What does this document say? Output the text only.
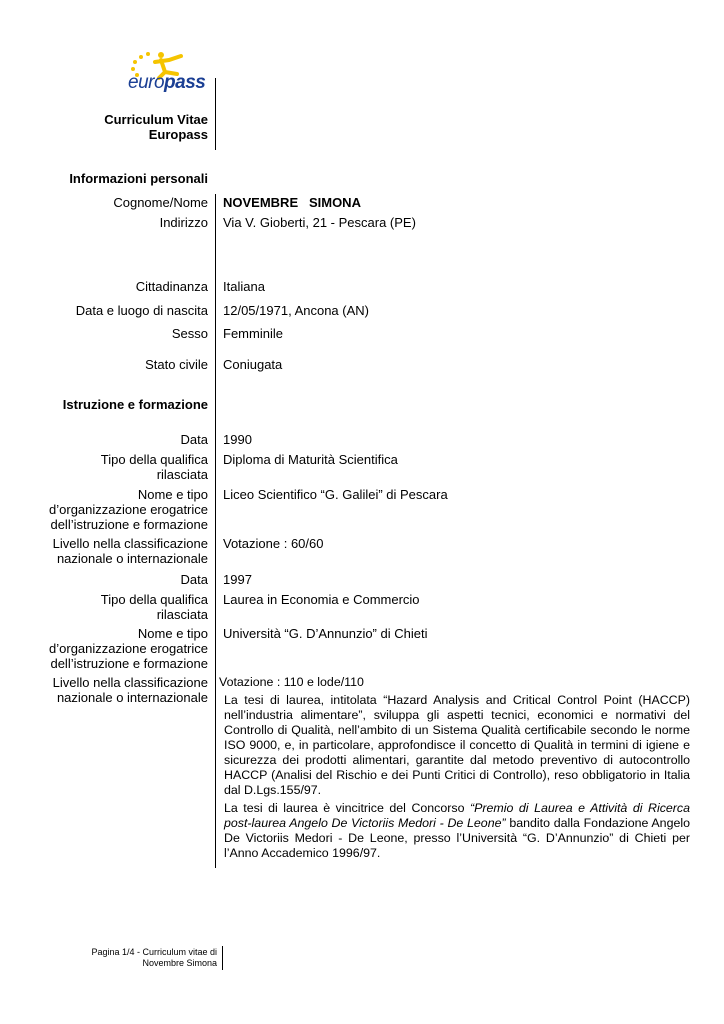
europass
Curriculum Vitae
Europass
Informazioni personali
Cognome/Nome NOVEMBRE   SIMONA
Indirizzo Via V. Gioberti, 21 - Pescara (PE)
Cittadinanza Italiana
Data e luogo di nascita 12/05/1971, Ancona (AN)
Sesso Femminile
Stato civile Coniugata
Istruzione e formazione
Data 1990
Tipo della qualifica
rilasciata
Diploma di Maturità Scientifica
Nome e tipo
d’organizzazione erogatrice
dell’istruzione e formazione
Liceo Scientifico “G. Galilei” di Pescara
Livello nella classificazione
nazionale o internazionale
Votazione : 60/60
Data 1997
Tipo della qualifica
rilasciata
Laurea in Economia e Commercio
Nome e tipo
d’organizzazione erogatrice
dell’istruzione e formazione
Università “G. D’Annunzio” di Chieti
Livello nella classificazione
nazionale o internazionale
Votazione : 110 e lode/110
La tesi di laurea, intitolata “Hazard Analysis and Critical Control Point (HACCP) nell’industria alimentare”, sviluppa gli aspetti tecnici, economici e normativi del Controllo di Qualità, nell’ambito di un Sistema Qualità certificabile secondo le norme ISO 9000, e, in particolare, approfondisce il concetto di Qualità in termini di igiene e sicurezza dei prodotti alimentari, garantite dal metodo preventivo di autocontrollo HACCP (Analisi del Rischio e dei Punti Critici di Controllo), reso obbligatorio in Italia dal D.Lgs.155/97.
La tesi di laurea è vincitrice del Concorso “Premio di Laurea e Attività di Ricerca post-laurea Angelo De Victoriis Medori - De Leone” bandito dalla Fondazione Angelo De Victoriis Medori - De Leone, presso l’Università “G. D’Annunzio” di Chieti per l’Anno Accademico 1996/97.
Pagina 1/4 - Curriculum vitae di
Novembre Simona
